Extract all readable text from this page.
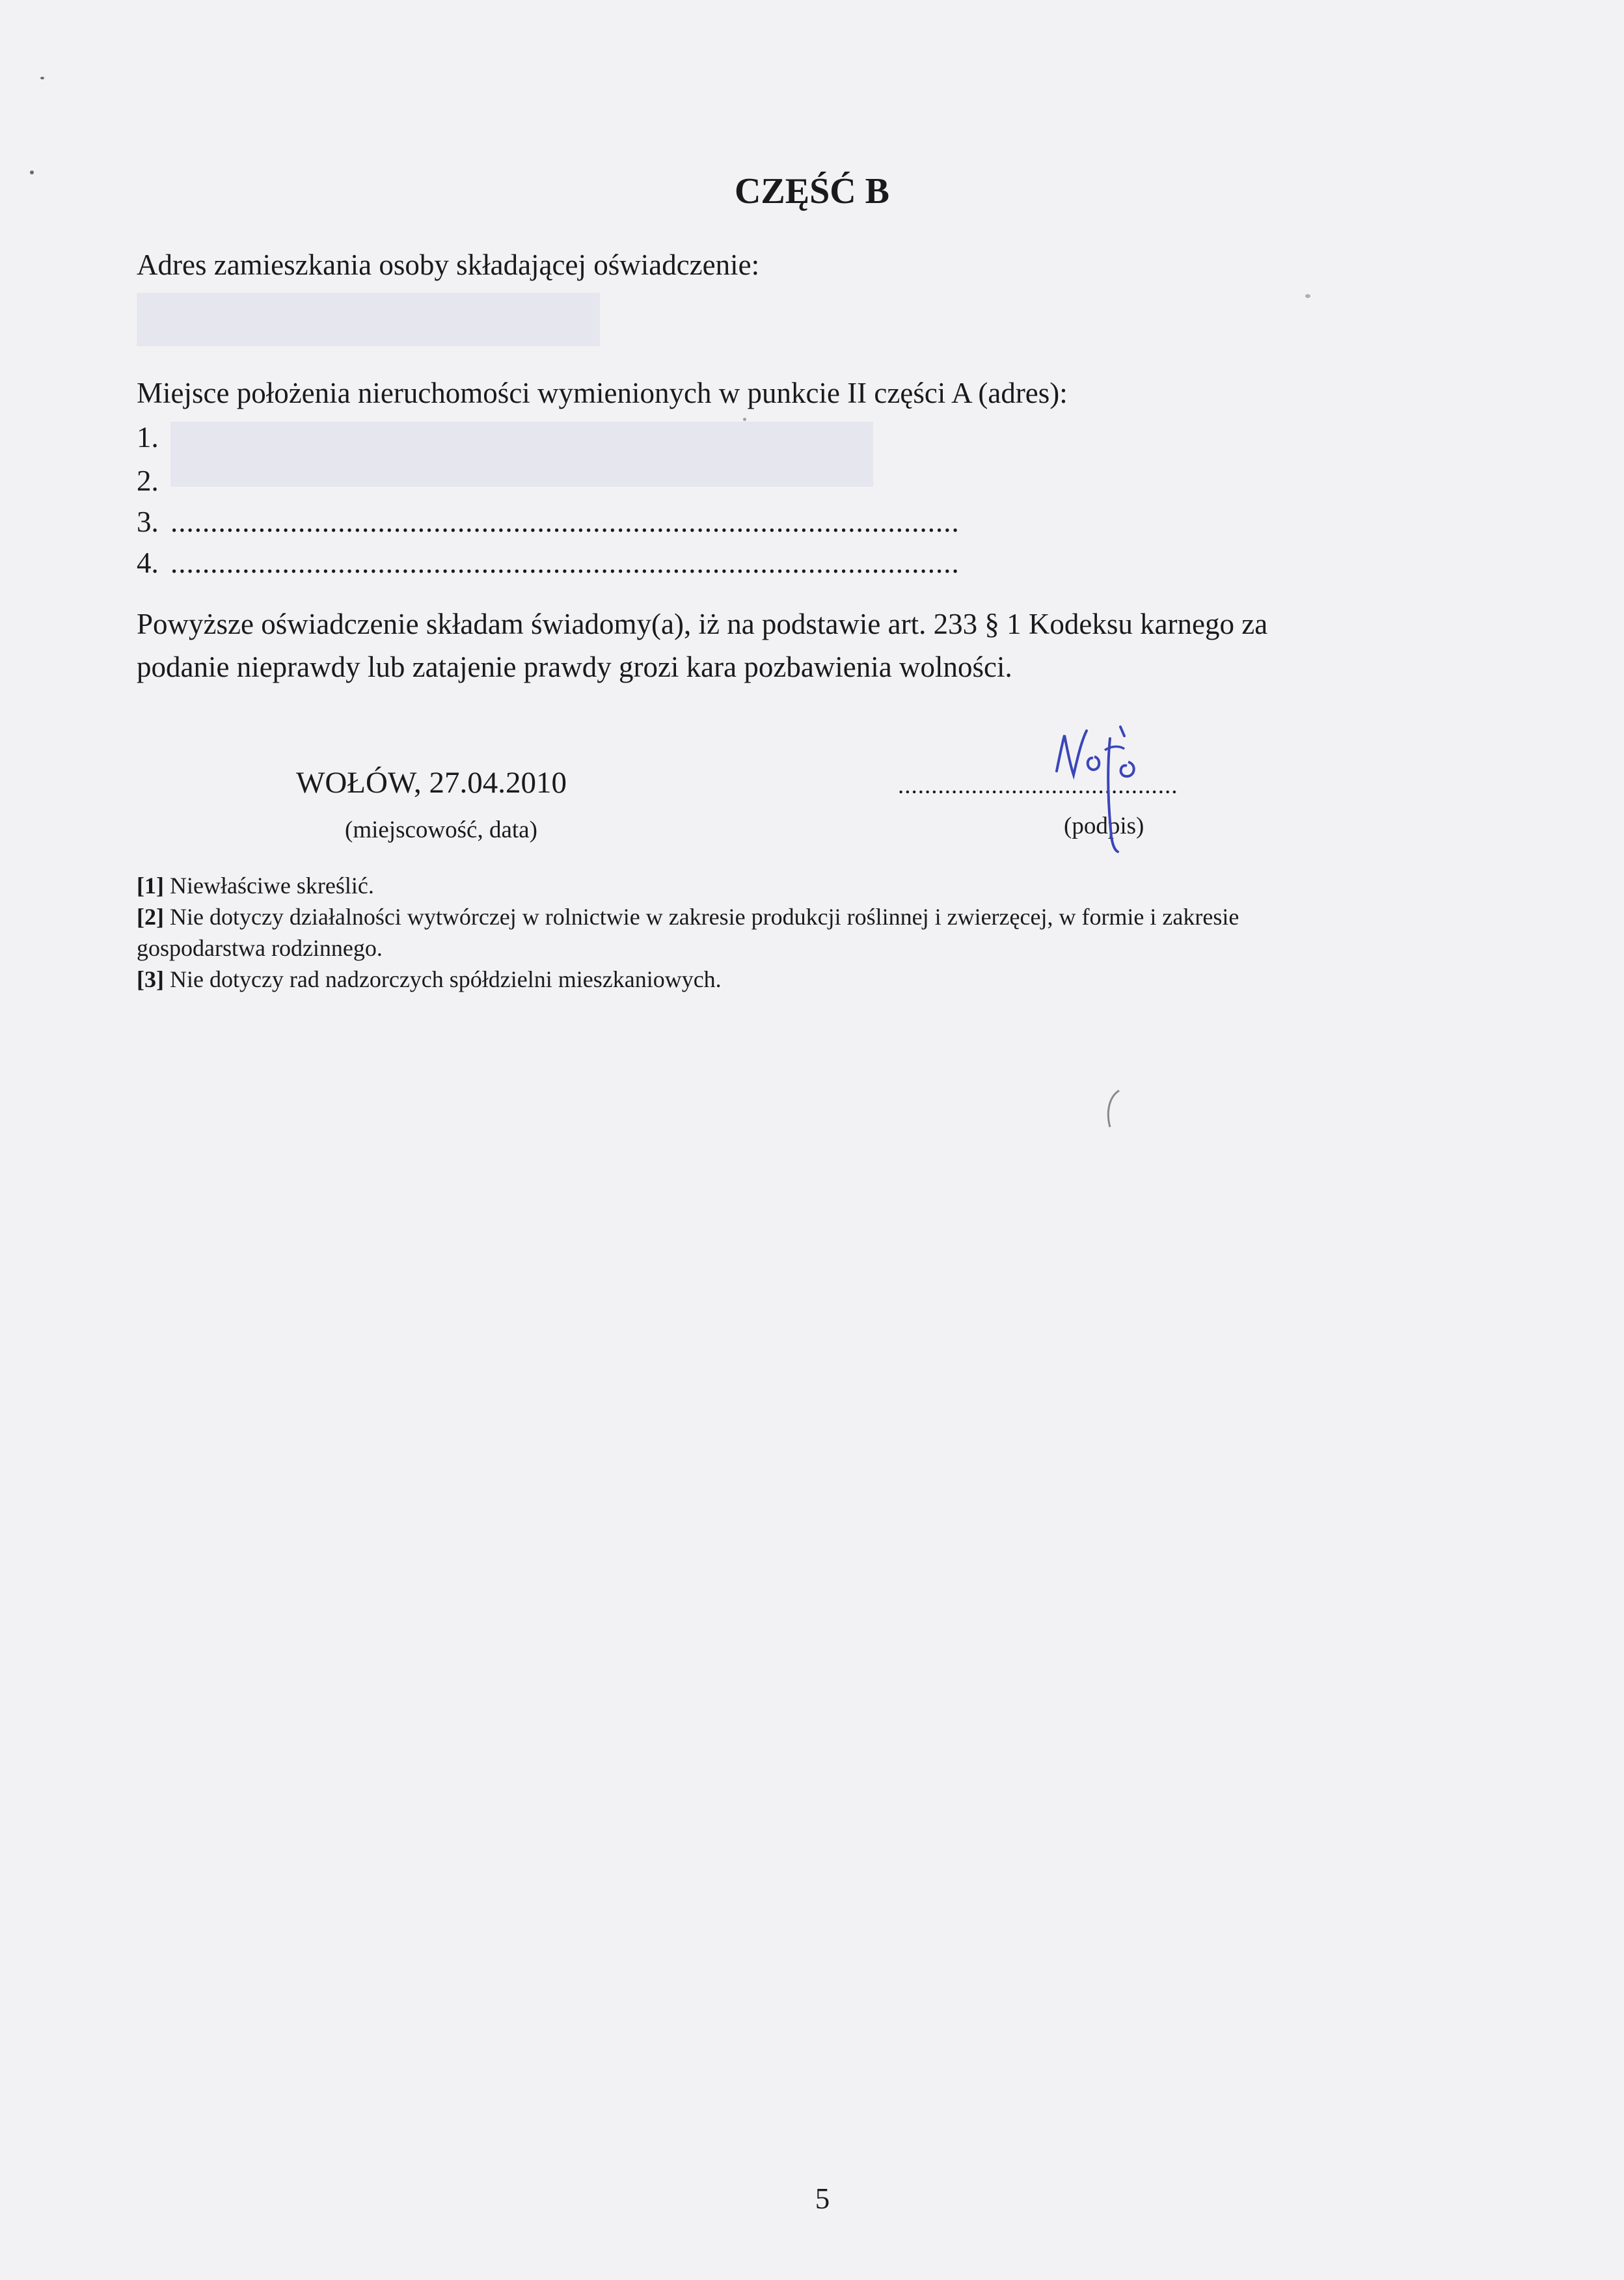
CZĘŚĆ B
Adres zamieszkania osoby składającej oświadczenie:
Miejsce położenia nieruchomości wymienionych w punkcie II części A (adres):
1.
2.
3. ...................................................................................................
4. ...................................................................................................
Powyższe oświadczenie składam świadomy(a), iż na podstawie art. 233 § 1 Kodeksu karnego za
podanie nieprawdy lub zatajenie prawdy grozi kara pozbawienia wolności.
WOŁÓW, 27.04.2010
(miejscowość, data)
..........................................
(podpis)
[1] Niewłaściwe skreślić.
[2] Nie dotyczy działalności wytwórczej w rolnictwie w zakresie produkcji roślinnej i zwierzęcej, w formie i zakresie
gospodarstwa rodzinnego.
[3] Nie dotyczy rad nadzorczych spółdzielni mieszkaniowych.
5
